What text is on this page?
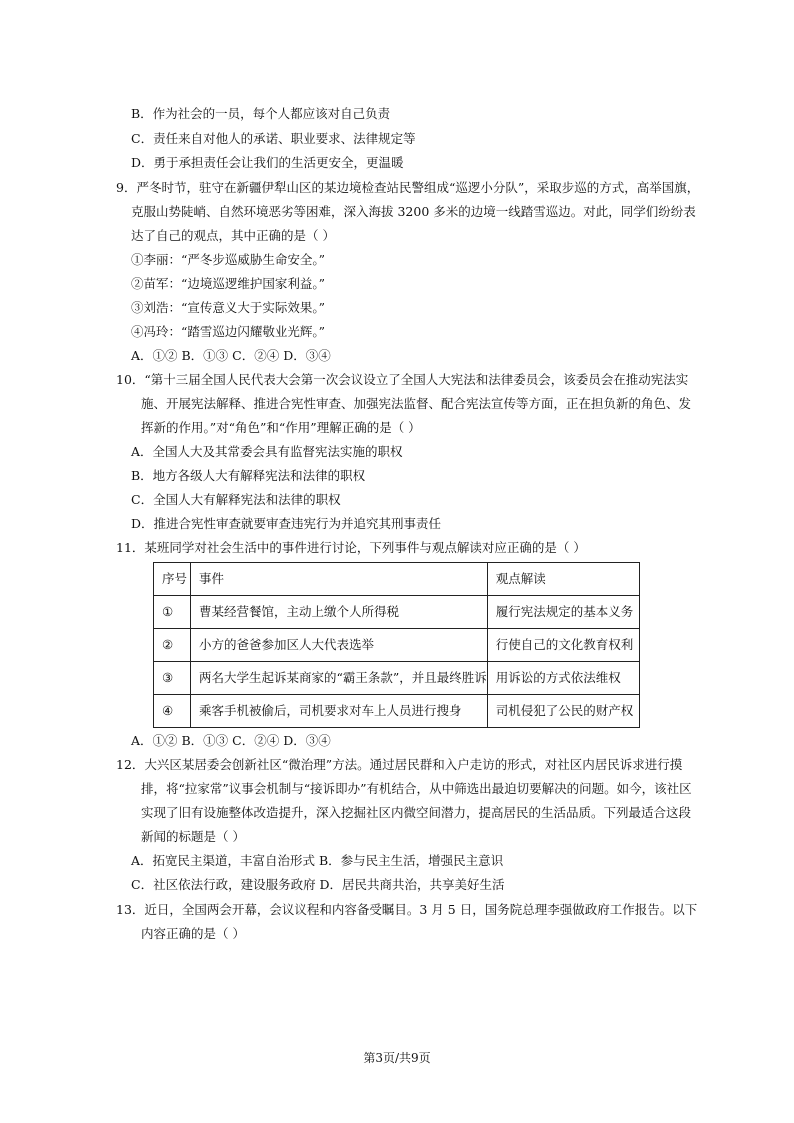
B．作为社会的一员，每个人都应该对自己负责
C．责任来自对他人的承诺、职业要求、法律规定等
D．勇于承担责任会让我们的生活更安全，更温暖
9．严冬时节，驻守在新疆伊犁山区的某边境检查站民警组成“巡逻小分队”，采取步巡的方式，高举国旗，
克服山势陡峭、自然环境恶劣等困难，深入海拔 3200 多米的边境一线踏雪巡边。对此，同学们纷纷表
达了自己的观点，其中正确的是（ ）
①李丽：“严冬步巡威胁生命安全。”
②苗军：“边境巡逻维护国家利益。”
③刘浩：“宣传意义大于实际效果。”
④冯玲：“踏雪巡边闪耀敬业光辉。”
A．①② B．①③ C．②④ D．③④
10．“第十三届全国人民代表大会第一次会议设立了全国人大宪法和法律委员会，该委员会在推动宪法实
施、开展宪法解释、推进合宪性审查、加强宪法监督、配合宪法宣传等方面，正在担负新的角色、发
挥新的作用。”对“角色”和“作用”理解正确的是（ ）
A．全国人大及其常委会具有监督宪法实施的职权
B．地方各级人大有解释宪法和法律的职权
C．全国人大有解释宪法和法律的职权
D．推进合宪性审查就要审查违宪行为并追究其刑事责任
11．某班同学对社会生活中的事件进行讨论，下列事件与观点解读对应正确的是（ ）
序号	事件	观点解读
①	曹某经营餐馆，主动上缴个人所得税	履行宪法规定的基本义务
②	小方的爸爸参加区人大代表选举	行使自己的文化教育权利
③	两名大学生起诉某商家的“霸王条款”，并且最终胜诉	用诉讼的方式依法维权
④	乘客手机被偷后，司机要求对车上人员进行搜身	司机侵犯了公民的财产权
A．①② B．①③ C．②④ D．③④
12．大兴区某居委会创新社区“微治理”方法。通过居民群和入户走访的形式，对社区内居民诉求进行摸
排，将“拉家常”议事会机制与“接诉即办”有机结合，从中筛选出最迫切要解决的问题。如今，该社区
实现了旧有设施整体改造提升，深入挖掘社区内微空间潜力，提高居民的生活品质。下列最适合这段
新闻的标题是（ ）
A．拓宽民主渠道，丰富自治形式 B．参与民主生活，增强民主意识
C．社区依法行政，建设服务政府 D．居民共商共治，共享美好生活
13．近日，全国两会开幕，会议议程和内容备受瞩目。3 月 5 日，国务院总理李强做政府工作报告。以下
内容正确的是（ ）
第3页/共9页
